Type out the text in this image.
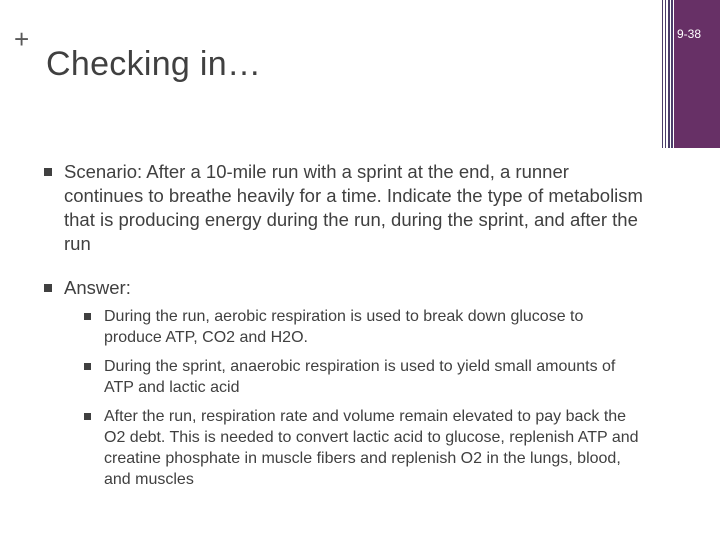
+
Checking in…
9-38
Scenario: After a 10-mile run with a sprint at the end, a runner continues to breathe heavily for a time. Indicate the type of metabolism that is producing energy during the run, during the sprint, and after the run
Answer:
During the run, aerobic respiration is used to break down glucose to produce ATP, CO2 and H2O.
During the sprint, anaerobic respiration is used to yield small amounts of ATP and lactic acid
After the run, respiration rate and volume remain elevated to pay back the O2 debt. This is needed to convert lactic acid to glucose, replenish ATP and creatine phosphate in muscle fibers and replenish O2 in the lungs, blood, and muscles
